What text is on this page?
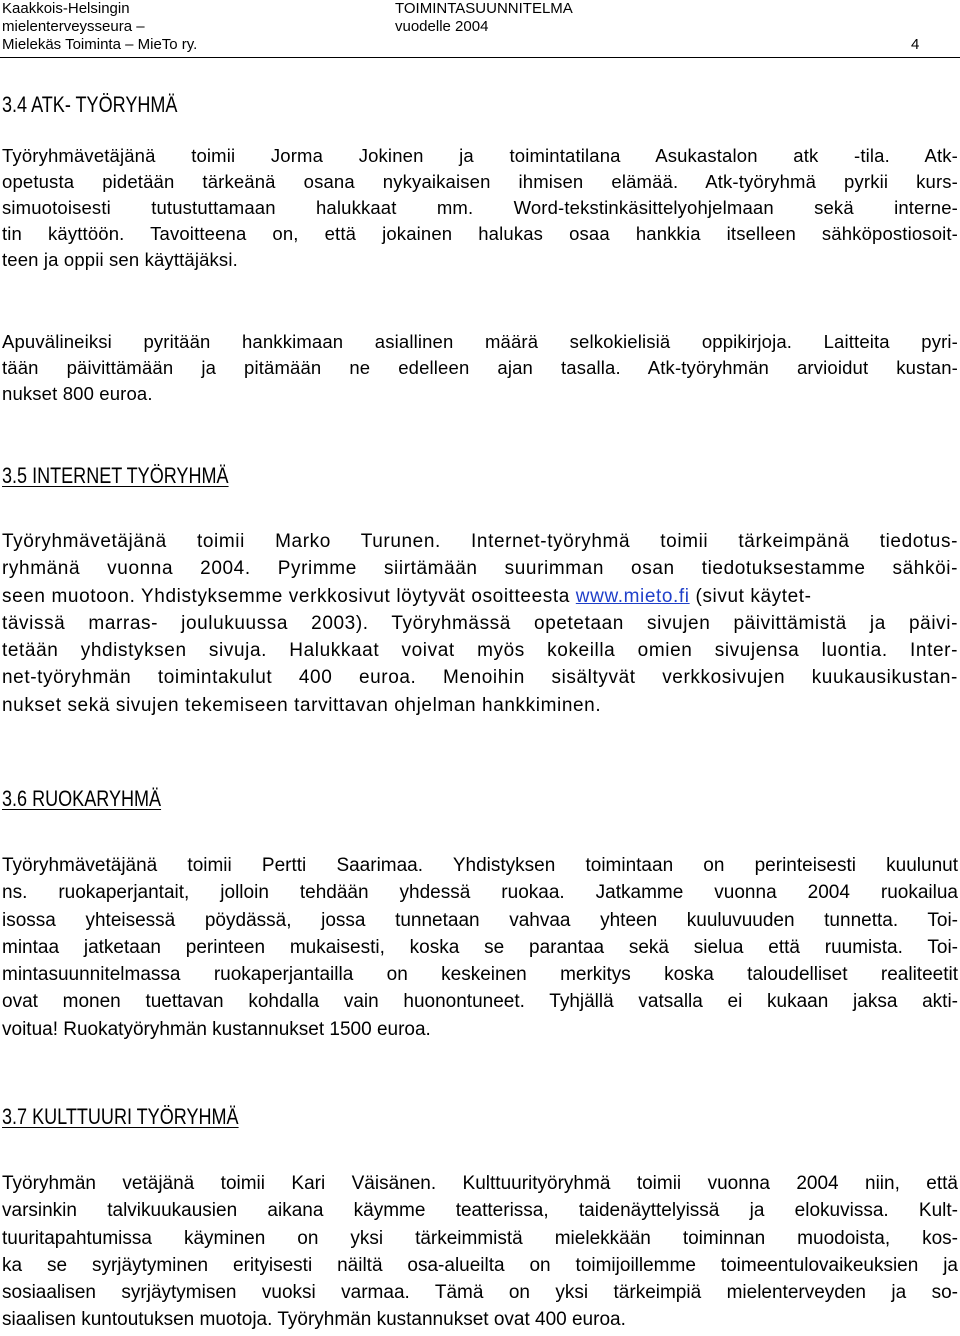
Kaakkois-Helsingin
mielenterveysseura –
Mielekäs Toiminta – MieTo ry.
TOIMINTASUUNNITELMA
vuodelle 2004
4
3.4 ATK- TYÖRYHMÄ
Työryhmävetäjänä toimii Jorma Jokinen ja toimintatilana Asukastalon atk -tila. Atk-
opetusta pidetään tärkeänä osana nykyaikaisen ihmisen elämää. Atk-työryhmä pyrkii kurs-
simuotoisesti tutustuttamaan halukkaat mm. Word-tekstinkäsittelyohjelmaan sekä interne-
tin käyttöön. Tavoitteena on, että jokainen halukas osaa hankkia itselleen sähköpostiosoit-
teen ja oppii sen käyttäjäksi.
Apuvälineiksi pyritään hankkimaan asiallinen määrä selkokielisiä oppikirjoja. Laitteita pyri-
tään päivittämään ja pitämään ne edelleen ajan tasalla. Atk-työryhmän arvioidut kustan-
nukset 800 euroa.
3.5 INTERNET TYÖRYHMÄ
Työryhmävetäjänä toimii Marko Turunen. Internet-työryhmä toimii tärkeimpänä tiedotus-
ryhmänä vuonna 2004. Pyrimme siirtämään suurimman osan tiedotuksestamme sähköi-
seen muotoon. Yhdistyksemme verkkosivut löytyvät osoitteesta www.mieto.fi (sivut käytet-
tävissä marras- joulukuussa 2003). Työryhmässä opetetaan sivujen päivittämistä ja päivi-
tetään yhdistyksen sivuja. Halukkaat voivat myös kokeilla omien sivujensa luontia. Inter-
net-työryhmän toimintakulut 400 euroa. Menoihin sisältyvät verkkosivujen kuukausikustan-
nukset sekä sivujen tekemiseen tarvittavan ohjelman hankkiminen.
3.6 RUOKARYHMÄ
Työryhmävetäjänä toimii Pertti Saarimaa. Yhdistyksen toimintaan on perinteisesti kuulunut
ns. ruokaperjantait, jolloin tehdään yhdessä ruokaa. Jatkamme vuonna 2004 ruokailua
isossa yhteisessä pöydässä, jossa tunnetaan vahvaa yhteen kuuluvuuden tunnetta. Toi-
mintaa jatketaan perinteen mukaisesti, koska se parantaa sekä sielua että ruumista. Toi-
mintasuunnitelmassa ruokaperjantailla on keskeinen merkitys koska taloudelliset realiteetit
ovat monen tuettavan kohdalla vain huonontuneet. Tyhjällä vatsalla ei kukaan jaksa akti-
voitua! Ruokatyöryhmän kustannukset 1500 euroa.
3.7 KULTTUURI TYÖRYHMÄ
Työryhmän vetäjänä toimii Kari Väisänen. Kulttuurityöryhmä toimii vuonna 2004 niin, että
varsinkin talvikuukausien aikana käymme teatterissa, taidenäyttelyissä ja elokuvissa. Kult-
tuuritapahtumissa käyminen on yksi tärkeimmistä mielekkään toiminnan muodoista, kos-
ka se syrjäytyminen erityisesti näiltä osa-alueilta on toimijoillemme toimeentulovaikeuksien ja
sosiaalisen syrjäytymisen vuoksi varmaa. Tämä on yksi tärkeimpiä mielenterveyden ja so-
siaalisen kuntoutuksen muotoja. Työryhmän kustannukset ovat 400 euroa.
